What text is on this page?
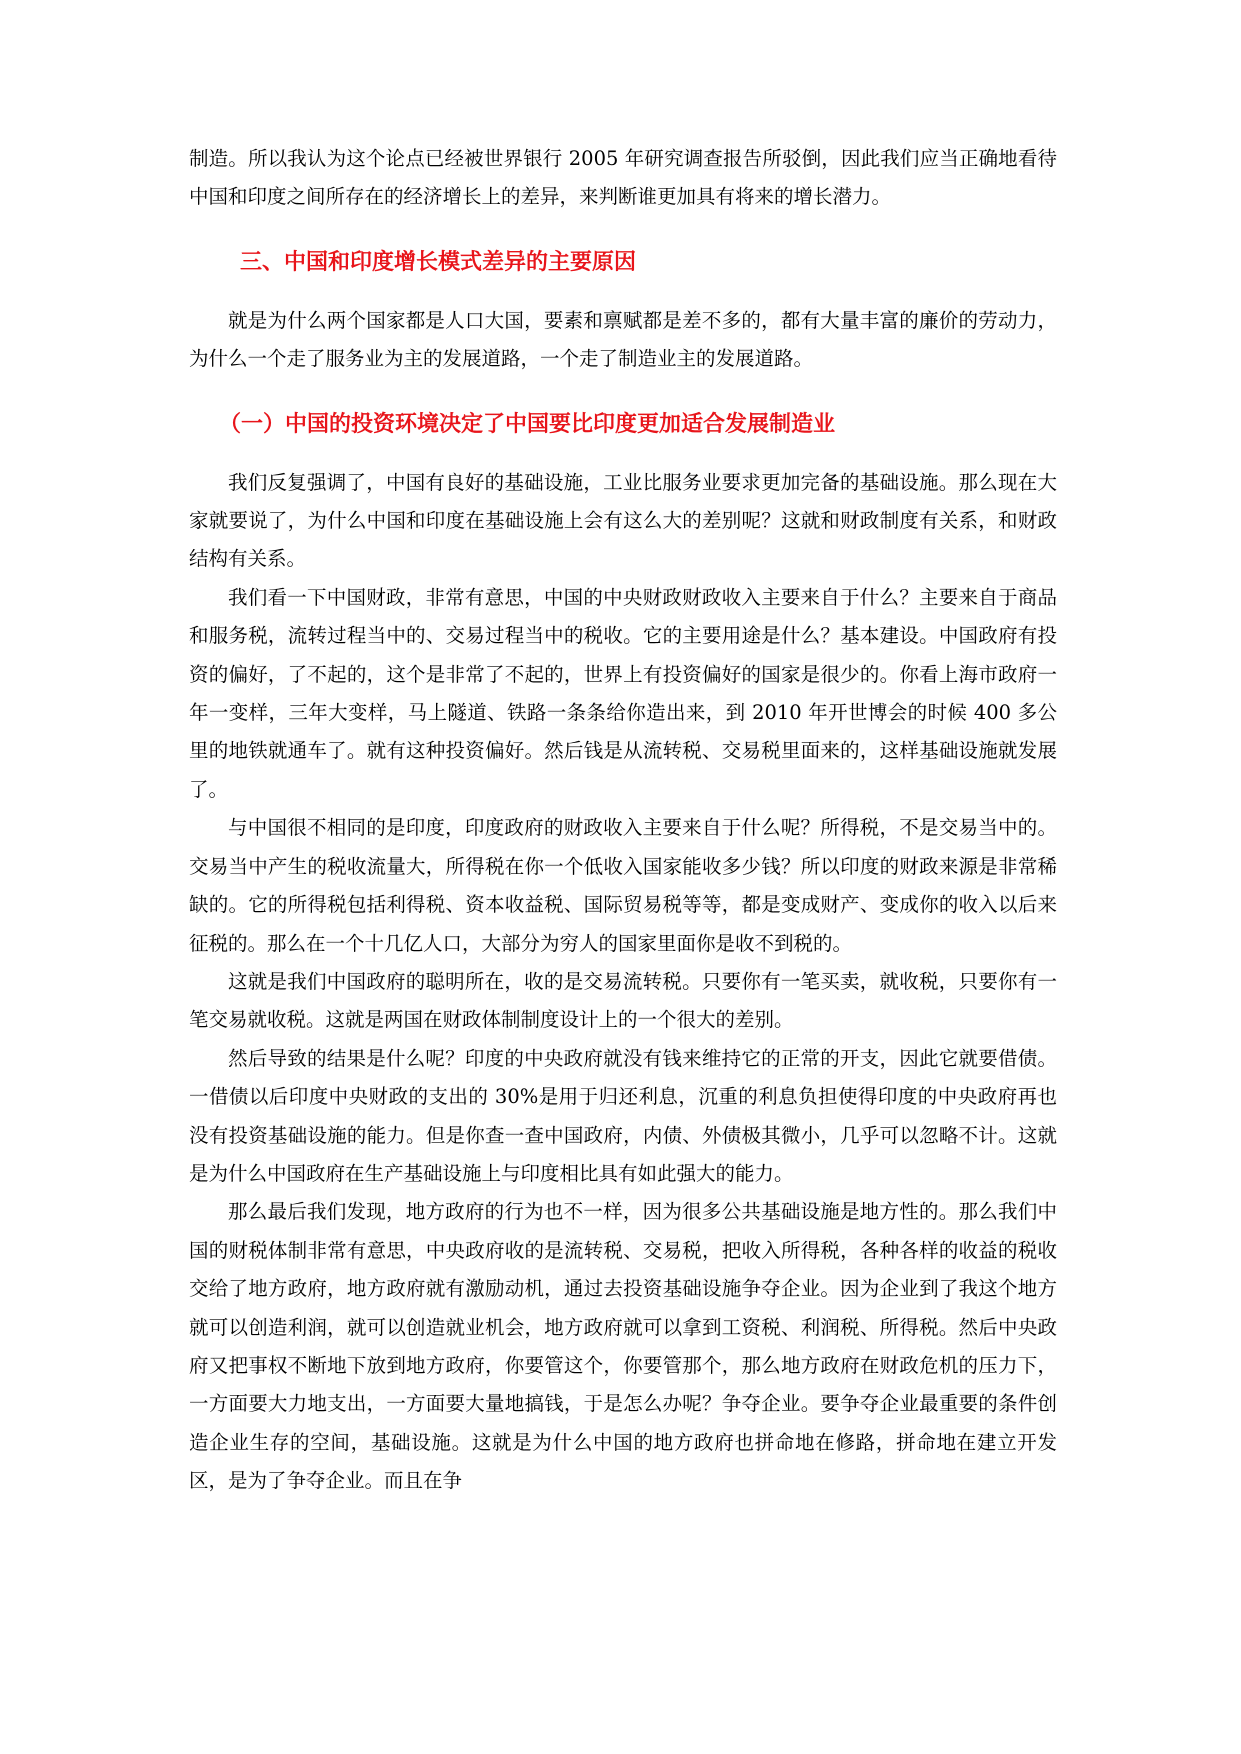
制造。所以我认为这个论点已经被世界银行 2005 年研究调查报告所驳倒，因此我们应当正确地看待中国和印度之间所存在的经济增长上的差异，来判断谁更加具有将来的增长潜力。

三、中国和印度增长模式差异的主要原因

就是为什么两个国家都是人口大国，要素和禀赋都是差不多的，都有大量丰富的廉价的劳动力，为什么一个走了服务业为主的发展道路，一个走了制造业主的发展道路。

（一）中国的投资环境决定了中国要比印度更加适合发展制造业

我们反复强调了，中国有良好的基础设施，工业比服务业要求更加完备的基础设施。那么现在大家就要说了，为什么中国和印度在基础设施上会有这么大的差别呢？这就和财政制度有关系，和财政结构有关系。

我们看一下中国财政，非常有意思，中国的中央财政财政收入主要来自于什么？主要来自于商品和服务税，流转过程当中的、交易过程当中的税收。它的主要用途是什么？基本建设。中国政府有投资的偏好，了不起的，这个是非常了不起的，世界上有投资偏好的国家是很少的。你看上海市政府一年一变样，三年大变样，马上隧道、铁路一条条给你造出来，到 2010 年开世博会的时候 400 多公里的地铁就通车了。就有这种投资偏好。然后钱是从流转税、交易税里面来的，这样基础设施就发展了。

与中国很不相同的是印度，印度政府的财政收入主要来自于什么呢？所得税，不是交易当中的。交易当中产生的税收流量大，所得税在你一个低收入国家能收多少钱？所以印度的财政来源是非常稀缺的。它的所得税包括利得税、资本收益税、国际贸易税等等，都是变成财产、变成你的收入以后来征税的。那么在一个十几亿人口，大部分为穷人的国家里面你是收不到税的。

这就是我们中国政府的聪明所在，收的是交易流转税。只要你有一笔买卖，就收税，只要你有一笔交易就收税。这就是两国在财政体制制度设计上的一个很大的差别。

然后导致的结果是什么呢？印度的中央政府就没有钱来维持它的正常的开支，因此它就要借债。一借债以后印度中央财政的支出的 30%是用于归还利息，沉重的利息负担使得印度的中央政府再也没有投资基础设施的能力。但是你查一查中国政府，内债、外债极其微小，几乎可以忽略不计。这就是为什么中国政府在生产基础设施上与印度相比具有如此强大的能力。

那么最后我们发现，地方政府的行为也不一样，因为很多公共基础设施是地方性的。那么我们中国的财税体制非常有意思，中央政府收的是流转税、交易税，把收入所得税，各种各样的收益的税收交给了地方政府，地方政府就有激励动机，通过去投资基础设施争夺企业。因为企业到了我这个地方就可以创造利润，就可以创造就业机会，地方政府就可以拿到工资税、利润税、所得税。然后中央政府又把事权不断地下放到地方政府，你要管这个，你要管那个，那么地方政府在财政危机的压力下，一方面要大力地支出，一方面要大量地搞钱，于是怎么办呢？争夺企业。要争夺企业最重要的条件创造企业生存的空间，基础设施。这就是为什么中国的地方政府也拼命地在修路，拼命地在建立开发区，是为了争夺企业。而且在争
